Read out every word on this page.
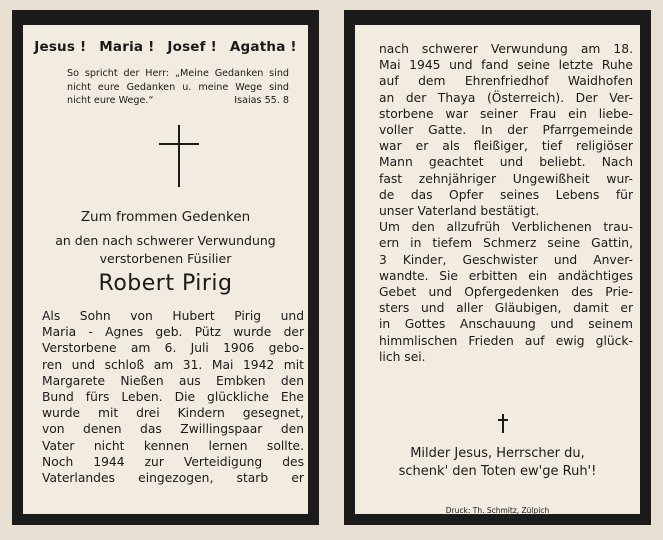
Jesus ! Maria ! Josef ! Agatha !
So spricht der Herr: „Meine Gedanken sind nicht eure Gedanken u. meine Wege sind nicht eure Wege.“	Isaias 55. 8
Zum frommen Gedenken
an den nach schwerer Verwundung
verstorbenen Füsilier
Robert Pirig
Als Sohn von Hubert Pirig und
Maria - Agnes geb. Pütz wurde der
Verstorbene am 6. Juli 1906 gebo-
ren und schloß am 31. Mai 1942 mit
Margarete Nießen aus Embken den
Bund fürs Leben. Die glückliche Ehe
wurde mit drei Kindern gesegnet,
von denen das Zwillingspaar den
Vater nicht kennen lernen sollte.
Noch 1944 zur Verteidigung des
Vaterlandes eingezogen, starb er
nach schwerer Verwundung am 18.
Mai 1945 und fand seine letzte Ruhe
auf dem Ehrenfriedhof Waidhofen
an der Thaya (Österreich). Der Ver-
storbene war seiner Frau ein liebe-
voller Gatte. In der Pfarrgemeinde
war er als fleißiger, tief religiöser
Mann geachtet und beliebt. Nach
fast zehnjähriger Ungewißheit wur-
de das Opfer seines Lebens für
unser Vaterland bestätigt.
Um den allzufrüh Verblichenen trau-
ern in tiefem Schmerz seine Gattin,
3 Kinder, Geschwister und Anver-
wandte. Sie erbitten ein andächtiges
Gebet und Opfergedenken des Prie-
sters und aller Gläubigen, damit er
in Gottes Anschauung und seinem
himmlischen Frieden auf ewig glück-
lich sei.
Milder Jesus, Herrscher du,
schenk' den Toten ew'ge Ruh'!
Druck: Th. Schmitz, Zülpich
